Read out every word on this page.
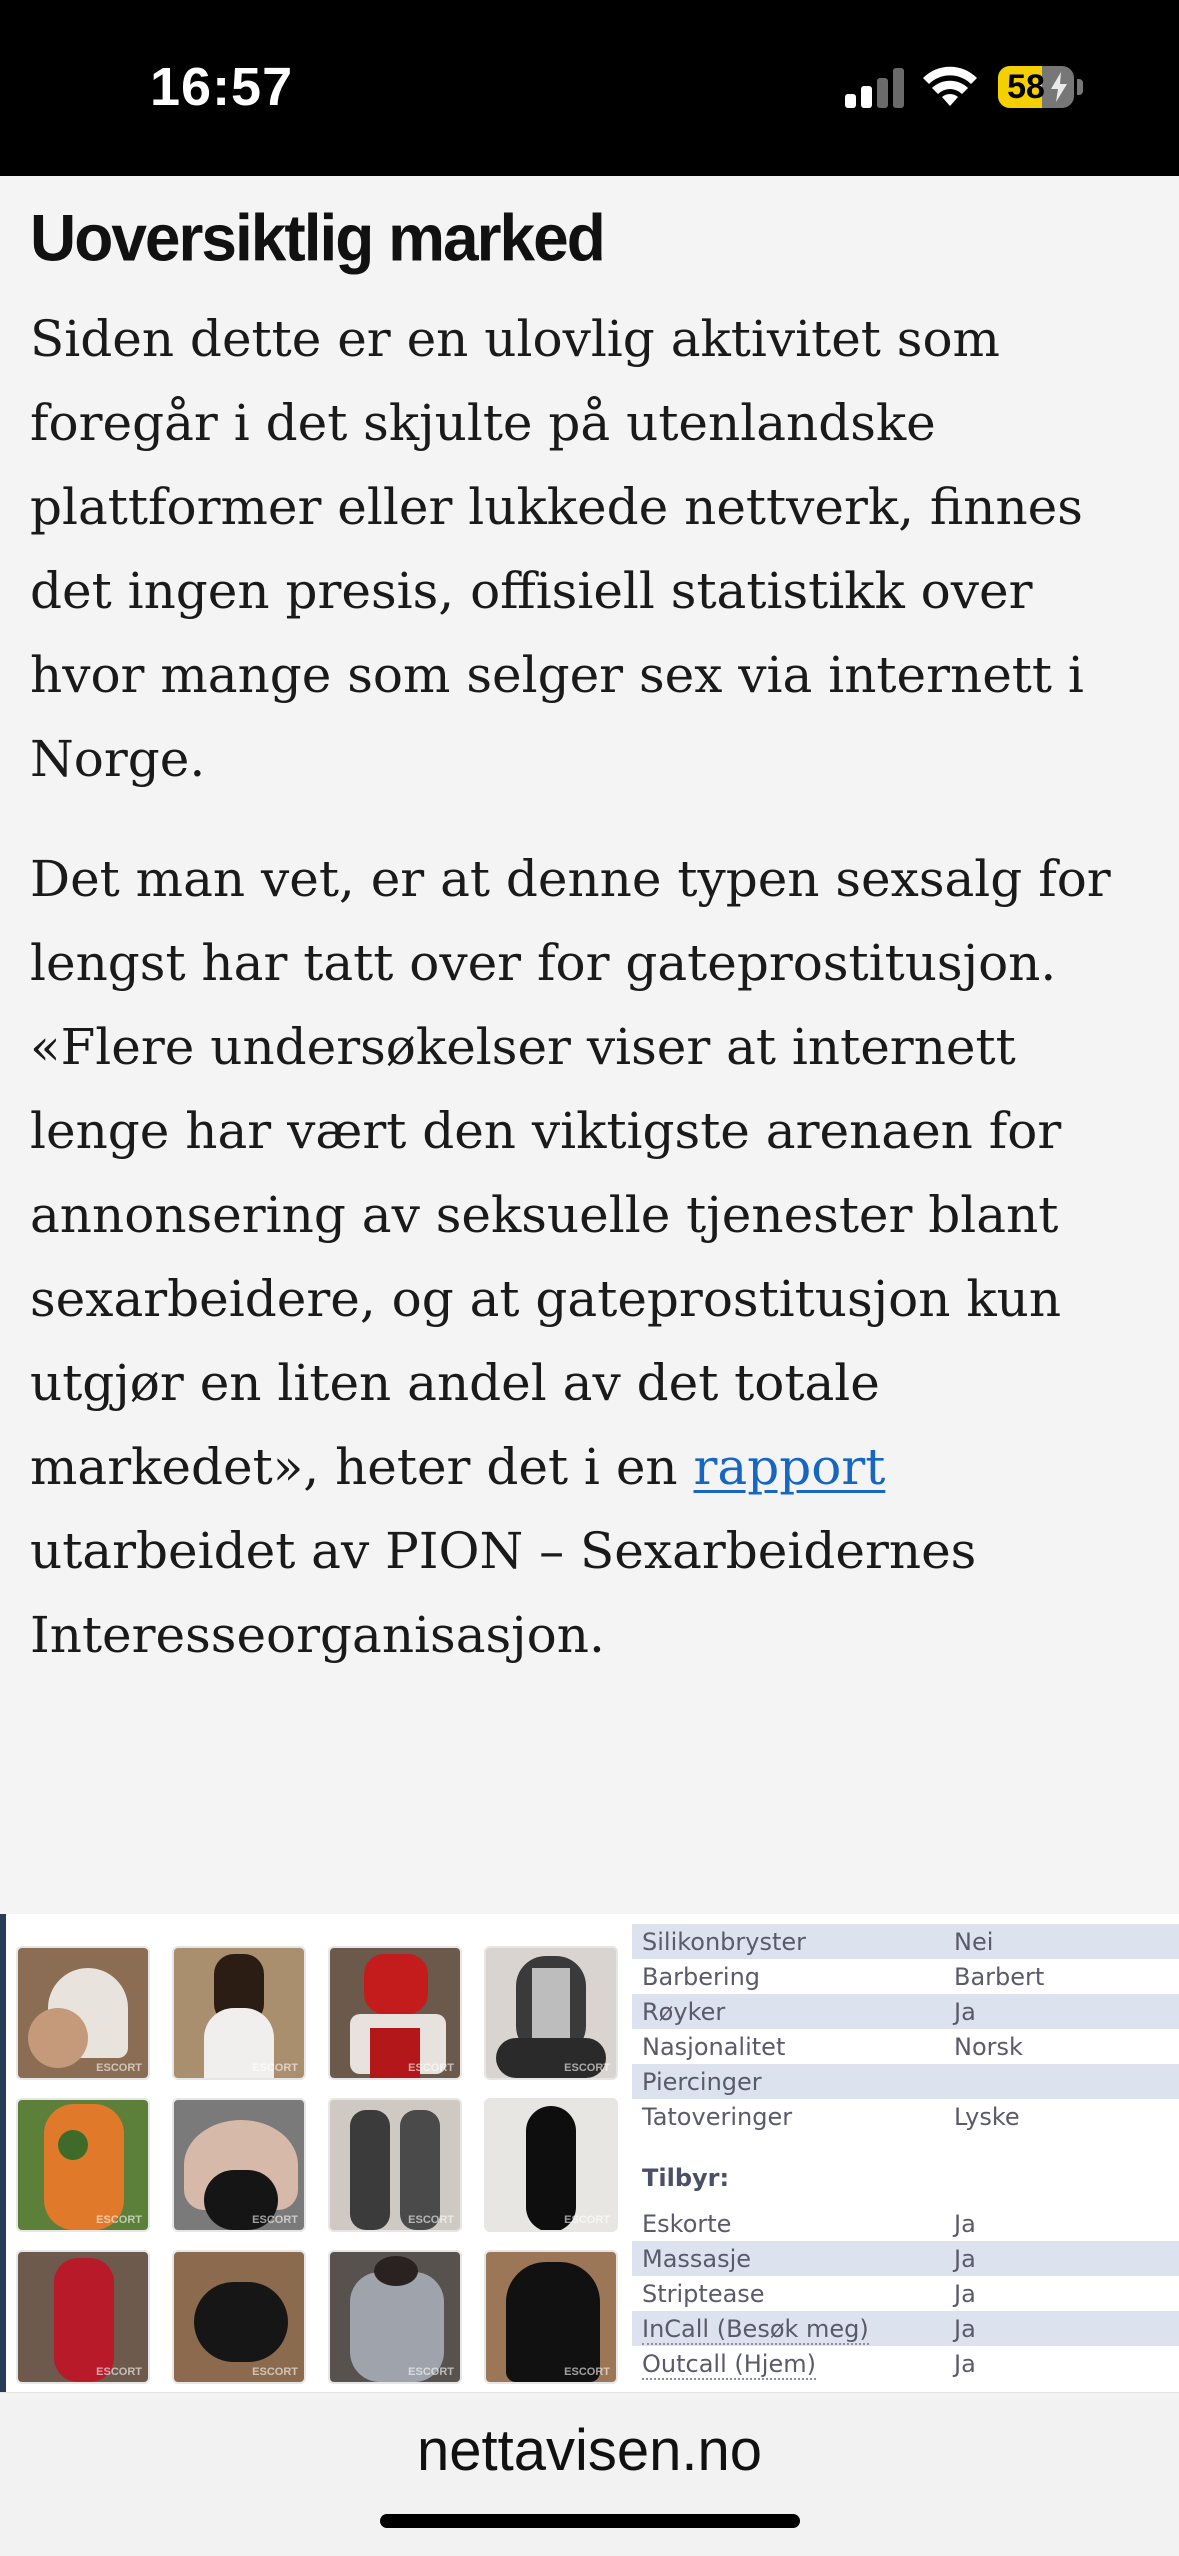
16:57	58
Uoversiktlig marked

Siden dette er en ulovlig aktivitet som foregår i det skjulte på utenlandske plattformer eller lukkede nettverk, finnes det ingen presis, offisiell statistikk over hvor mange som selger sex via internett i Norge.

Det man vet, er at denne typen sexsalg for lengst har tatt over for gateprostitusjon. «Flere undersøkelser viser at internett lenge har vært den viktigste arenaen for annonsering av seksuelle tjenester blant sexarbeidere, og at gateprostitusjon kun utgjør en liten andel av det totale markedet», heter det i en rapport utarbeidet av PION – Sexarbeidernes Interesseorganisasjon.

ESCORT	ESCORT	ESCORT	ESCORT
ESCORT	ESCORT	ESCORT	ESCORT
ESCORT	ESCORT	ESCORT	ESCORT
Silikonbryster	Nei
Barbering	Barbert
Røyker	Ja
Nasjonalitet	Norsk
Piercinger
Tatoveringer	Lyske
Tilbyr:
Eskorte	Ja
Massasje	Ja
Striptease	Ja
InCall (Besøk meg)	Ja
Outcall (Hjem)	Ja
nettavisen.no
